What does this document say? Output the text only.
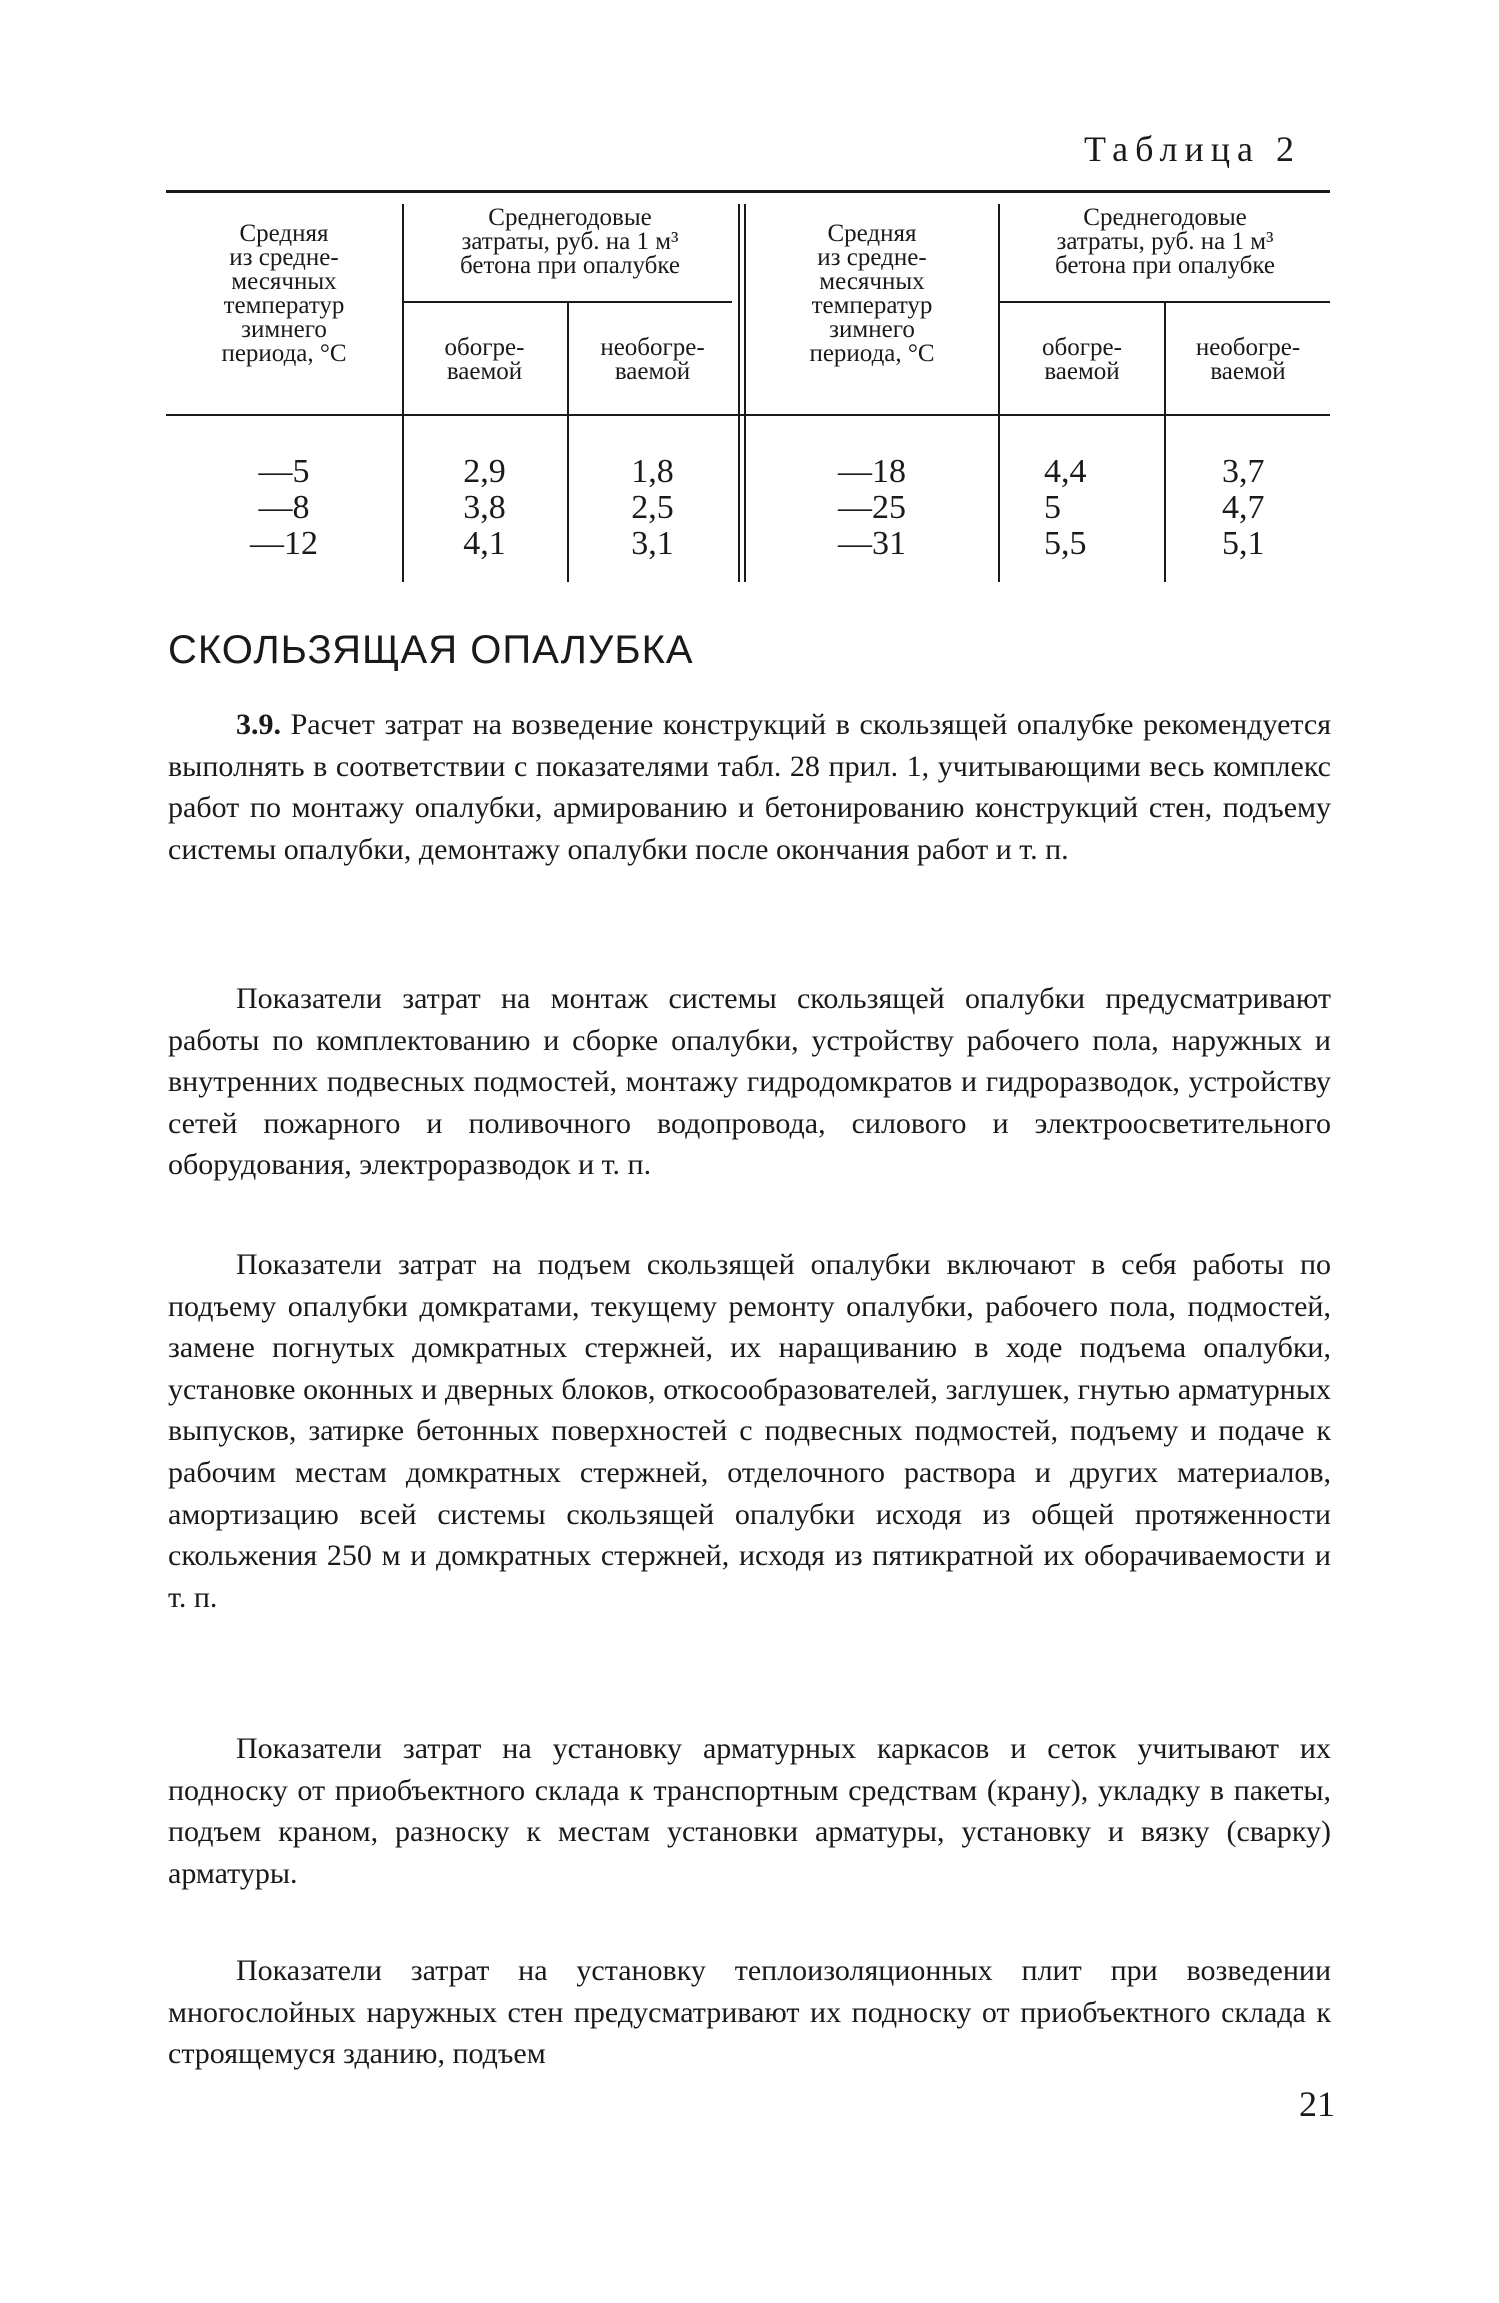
Таблица 2
Средняя
из средне-
месячных
температур
зимнего
периода, °С
Среднегодовые
затраты, руб. на 1 м³
бетона при опалубке
обогре-
ваемой
необогре-
ваемой
Средняя
из средне-
месячных
температур
зимнего
периода, °С
Среднегодовые
затраты, руб. на 1 м³
бетона при опалубке
обогре-
ваемой
необогре-
ваемой
—5
—8
—12
2,9
3,8
4,1
1,8
2,5
3,1
—18
—25
—31
4,4
5
5,5
3,7
4,7
5,1
СКОЛЬЗЯЩАЯ ОПАЛУБКА

3.9. Расчет затрат на возведение конструкций в скользящей опалубке рекомендуется выполнять в соответствии с показателями табл. 28 прил. 1, учитывающими весь комплекс работ по монтажу опалубки, армированию и бетонированию конструкций стен, подъему системы опалубки, демонтажу опалубки после окончания работ и т. п.

Показатели затрат на монтаж системы скользящей опалубки предусматривают работы по комплектованию и сборке опалубки, устройству рабочего пола, наружных и внутренних подвесных подмостей, монтажу гидродомкратов и гидроразводок, устройству сетей пожарного и поливочного водопровода, силового и электроосветительного оборудования, электроразводок и т. п.

Показатели затрат на подъем скользящей опалубки включают в себя работы по подъему опалубки домкратами, текущему ремонту опалубки, рабочего пола, подмостей, замене погнутых домкратных стержней, их наращиванию в ходе подъема опалубки, установке оконных и дверных блоков, откосообразователей, заглушек, гнутью арматурных выпусков, затирке бетонных поверхностей с подвесных подмостей, подъему и подаче к рабочим местам домкратных стержней, отделочного раствора и других материалов, амортизацию всей системы скользящей опалубки исходя из общей протяженности скольжения 250 м и домкратных стержней, исходя из пятикратной их оборачиваемости и т. п.

Показатели затрат на установку арматурных каркасов и сеток учитывают их подноску от приобъектного склада к транспортным средствам (крану), укладку в пакеты, подъем краном, разноску к местам установки арматуры, установку и вязку (сварку) арматуры.

Показатели затрат на установку теплоизоляционных плит при возведении многослойных наружных стен предусматривают их подноску от приобъектного склада к строящемуся зданию, подъем

21
